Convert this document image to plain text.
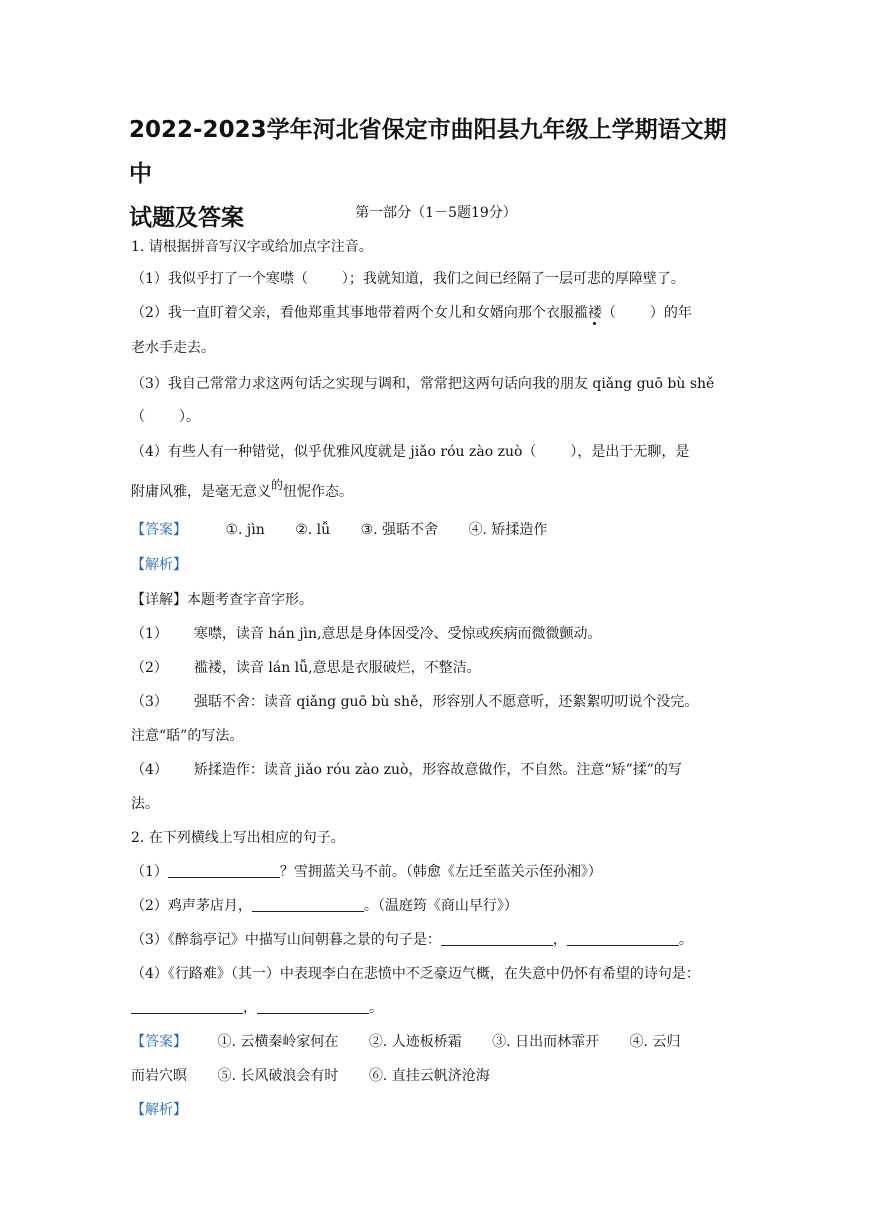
2022-2023学年河北省保定市曲阳县九年级上学期语文期中
试题及答案	第一部分（1－5题19分）
1. 请根据拼音写汉字或给加点字注音。
（1）我似乎打了一个寒噤（ ）；我就知道，我们之间已经隔了一层可悲的厚障壁了。
（2）我一直盯着父亲，看他郑重其事地带着两个女儿和女婿向那个衣服褴褛（ ）的年
老水手走去。
（3）我自己常常力求这两句话之实现与调和，常常把这两句话向我的朋友 qiǎng guō bù shě
（ ）。
（4）有些人有一种错觉，似乎优雅风度就是 jiǎo róu zào zuò（ ），是出于无聊，是
附庸风雅，是毫无意义的忸怩作态。
【答案】	①. jìn ②. lǚ ③. 强聒不舍 ④. 矫揉造作
【解析】
【详解】本题考查字音字形。
（1） 寒噤，读音 hán jìn,意思是身体因受冷、受惊或疾病而微微颤动。
（2） 褴褛，读音 lán lǚ,意思是衣服破烂，不整洁。
（3） 强聒不舍：读音 qiǎng guō bù shě，形容别人不愿意听，还絮絮叨叨说个没完。
注意“聒”的写法。
（4） 矫揉造作：读音 jiǎo róu zào zuò，形容故意做作，不自然。注意“矫”揉”的写
法。
2. 在下列横线上写出相应的句子。
（1）	？雪拥蓝关马不前。（韩愈《左迁至蓝关示侄孙湘》）
（2）鸡声茅店月，	。（温庭筠《商山早行》）
（3）《醉翁亭记》中描写山间朝暮之景的句子是：	，	。
（4）《行路难》（其一）中表现李白在悲愤中不乏豪迈气概，在失意中仍怀有希望的诗句是：
，	。
【答案】 ①. 云横秦岭家何在 ②. 人迹板桥霜 ③. 日出而林霏开 ④. 云归
而岩穴暝 ⑤. 长风破浪会有时 ⑥. 直挂云帆济沧海
【解析】
